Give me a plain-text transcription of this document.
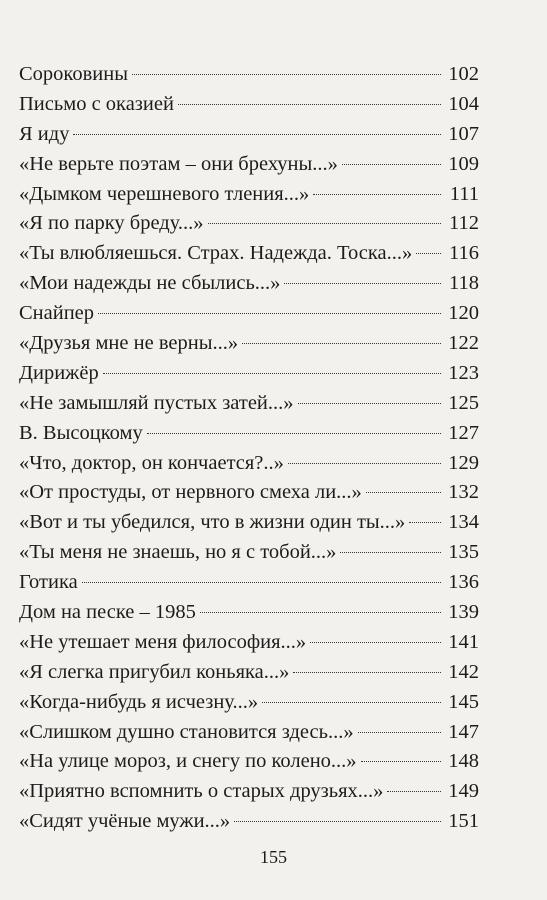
Сороковины	102
Письмо с оказией	104
Я иду	107
«Не верьте поэтам – они брехуны...»	109
«Дымком черешневого тления...»	111
«Я по парку бреду...»	112
«Ты влюбляешься. Страх. Надежда. Тоска...» 116
«Мои надежды не сбылись...»	118
Снайпер	120
«Друзья мне не верны...»	122
Дирижёр	123
«Не замышляй пустых затей...»	125
В. Высоцкому	127
«Что, доктор, он кончается?..»	129
«От простуды, от нервного смеха ли...»	132
«Вот и ты убедился, что в жизни один ты...» 134
«Ты меня не знаешь, но я с тобой...»	135
Готика	136
Дом на песке – 1985	139
«Не утешает меня философия...»	141
«Я слегка пригубил коньяка...»	142
«Когда-нибудь я исчезну...»	145
«Слишком душно становится здесь...»	147
«На улице мороз, и снегу по колено...»	148
«Приятно вспомнить о старых друзьях...»	149
«Сидят учёные мужи...»	151
155
